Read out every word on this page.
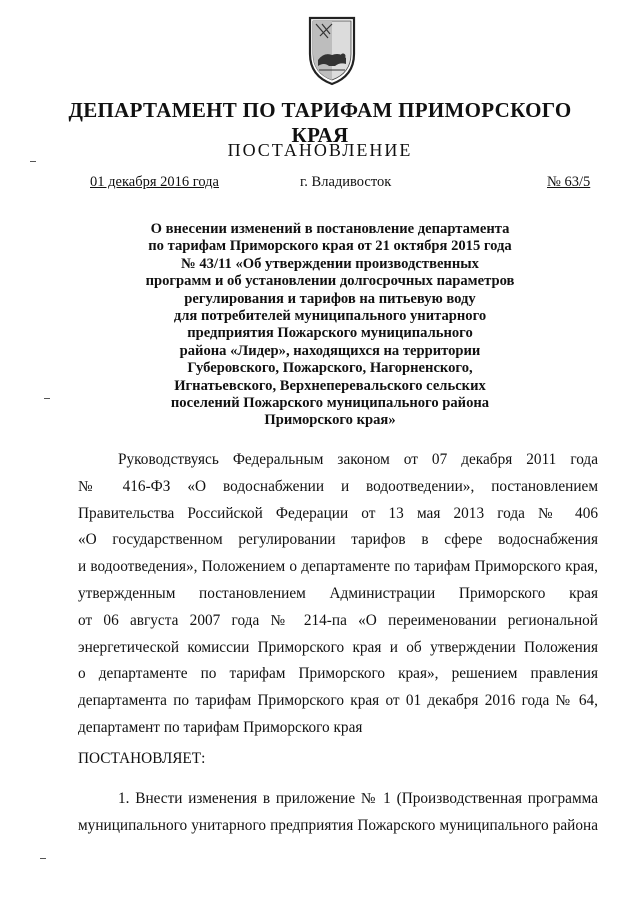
ДЕПАРТАМЕНТ ПО ТАРИФАМ ПРИМОРСКОГО КРАЯ
ПОСТАНОВЛЕНИЕ
01 декабря 2016 года	г. Владивосток	№ 63/5
О внесении изменений в постановление департамента
по тарифам Приморского края от 21 октября 2015 года
№ 43/11 «Об утверждении производственных
программ и об установлении долгосрочных параметров
регулирования и тарифов на питьевую воду
для потребителей муниципального унитарного
предприятия Пожарского муниципального
района «Лидер», находящихся на территории
Губеровского, Пожарского, Нагорненского,
Игнатьевского, Верхнеперевальского сельских
поселений Пожарского муниципального района
Приморского края»
Руководствуясь Федеральным законом от 07 декабря 2011 года
№ 416-ФЗ «О водоснабжении и водоотведении», постановлением
Правительства Российской Федерации от 13 мая 2013 года № 406
«О государственном регулировании тарифов в сфере водоснабжения
и водоотведения», Положением о департаменте по тарифам Приморского края,
утвержденным постановлением Администрации Приморского края
от 06 августа 2007 года № 214-па «О переименовании региональной
энергетической комиссии Приморского края и об утверждении Положения
о департаменте по тарифам Приморского края», решением правления
департамента по тарифам Приморского края от 01 декабря 2016 года № 64,
департамент по тарифам Приморского края
ПОСТАНОВЛЯЕТ:
1. Внести изменения в приложение № 1 (Производственная программа
муниципального унитарного предприятия Пожарского муниципального района
